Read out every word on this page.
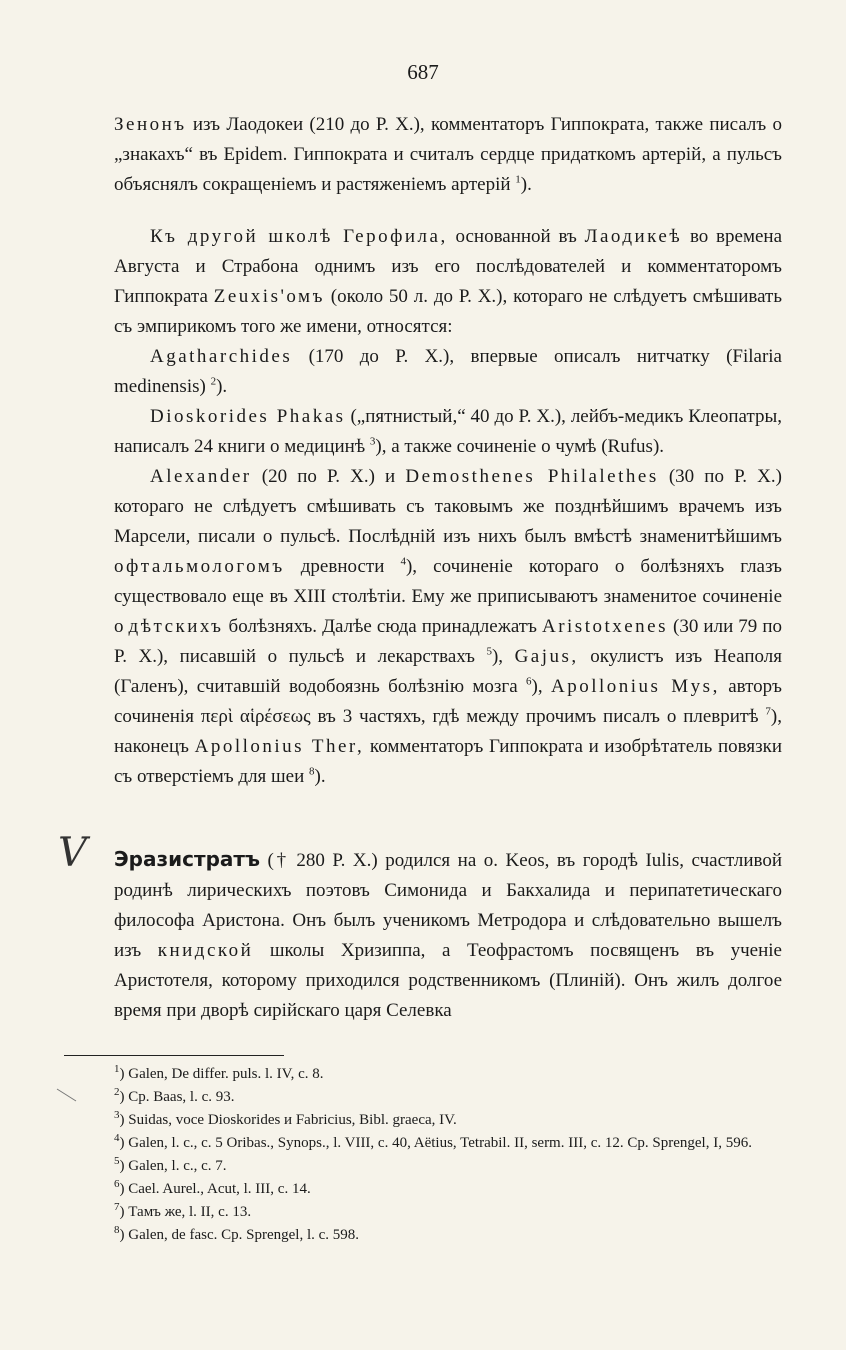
687

Зенонъ изъ Лаодокеи (210 до Р. Х.), комментаторъ Гиппократа, также писалъ о „знакахъ“ въ Epidem. Гиппократа и считалъ сердце придаткомъ артерій, а пульсъ объяснялъ сокращеніемъ и растяженіемъ артерій $^1$).

Къ другой школѣ Герофила, основанной въ Лаодикеѣ во времена Августа и Страбона однимъ изъ его послѣдователей и комментаторомъ Гиппократа Zeuxis'омъ (около 50 л. до Р. Х.), котораго не слѣдуетъ смѣшивать съ эмпирикомъ того же имени, относятся:

Agatharchides (170 до Р. Х.), впервые описалъ нитчатку (Filaria medinensis) $^2$).

Dioskorides Phakas („пятнистый,“ 40 до Р. Х.), лейбъ-медикъ Клеопатры, написалъ 24 книги о медицинѣ $^3$), а также сочиненіе о чумѣ (Rufus).

Alexander (20 по Р. Х.) и Demosthenes Philalethes (30 по Р. Х.) котораго не слѣдуетъ смѣшивать съ таковымъ же позднѣйшимъ врачемъ изъ Марсели, писали о пульсѣ. Послѣдній изъ нихъ былъ вмѣстѣ знаменитѣйшимъ офтальмологомъ древности $^4$), сочиненіе котораго о болѣзняхъ глазъ существовало еще въ XIII столѣтіи. Ему же приписываютъ знаменитое сочиненіе о дѣтскихъ болѣзняхъ. Далѣе сюда принадлежатъ Aristotxenes (30 или 79 по Р. Х.), писавшій о пульсѣ и лекарствахъ $^5$), Gajus, окулистъ изъ Неаполя (Галенъ), считавшій водобоязнь болѣзнію мозга $^6$), Apollonius Mys, авторъ сочиненія περὶ αἱρέσεως въ 3 частяхъ, гдѣ между прочимъ писалъ о плевритѣ $^7$), наконецъ Apollonius Ther, комментаторъ Гиппократа и изобрѣтатель повязки съ отверстіемъ для шеи $^8$).

V Эразистратъ († 280 Р. Х.) родился на о. Keos, въ городѣ Iulis, счастливой родинѣ лирическихъ поэтовъ Симонида и Бакхалида и перипатетическаго философа Аристона. Онъ былъ ученикомъ Метродора и слѣдовательно вышелъ изъ книдской школы Хризиппа, а Теофрастомъ посвященъ въ ученіе Аристотеля, которому приходился родственникомъ (Плиній). Онъ жилъ долгое время при дворѣ сирійскаго царя Селевка

$^1$) Galen, De differ. puls. l. IV, c. 8.

$^2$) Cp. Baas, l. c. 93.

$^3$) Suidas, voce Dioskorides и Fabricius, Bibl. graeca, IV.

$^4$) Galen, l. c., c. 5 Oribas., Synops., l. VIII, c. 40, Aëtius, Tetrabil. II, serm. III, c. 12. Cp. Sprengel, I, 596.

$^5$) Galen, l. c., c. 7.

$^6$) Cael. Aurel., Acut, l. III, c. 14.

$^7$) Тамъ же, l. II, c. 13.

$^8$) Galen, de fasc. Cp. Sprengel, l. c. 598.
